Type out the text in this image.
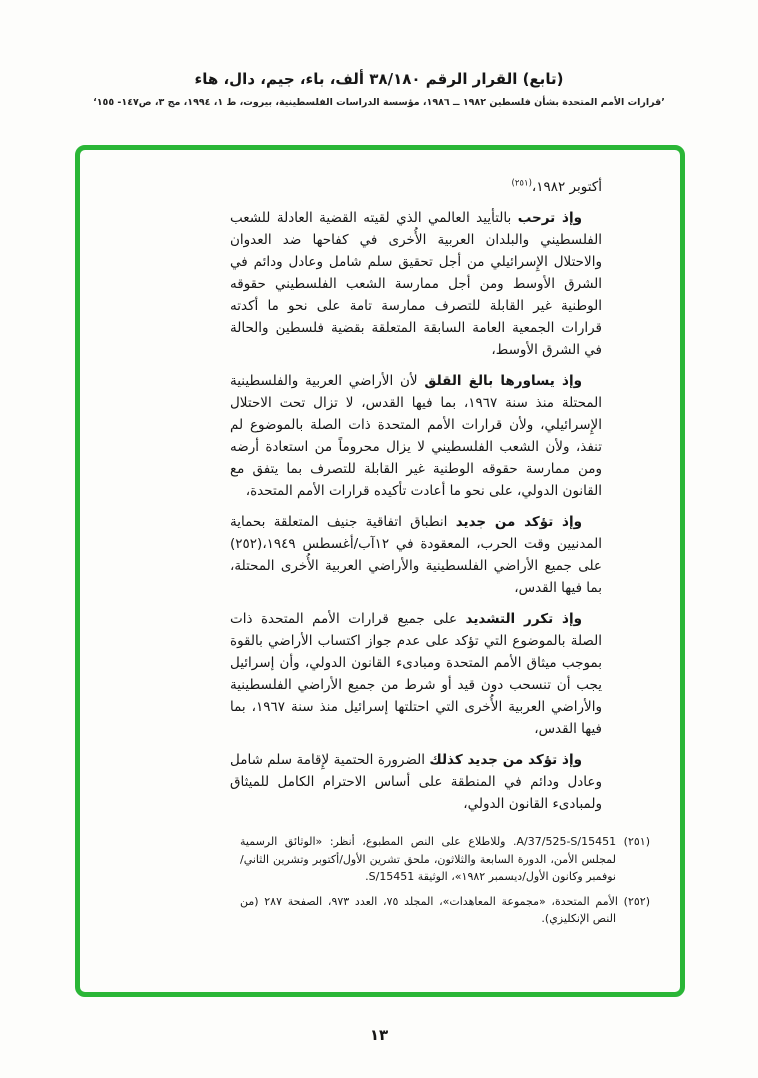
(تابع) القرار الرقم ٣٨/١٨٠ ألف، باء، جيم، دال، هاء
’قرارات الأمم المتحدة بشأن فلسطين ١٩٨٢ ــ ١٩٨٦، مؤسسة الدراسات الفلسطينية، بيروت، ط ١، ١٩٩٤، مج ٣، ص١٤٧- ١٥٥‘

أكتوبر ١٩٨٢،$^{(٢٥١)}$

وإذ ترحب بالتأييد العالمي الذي لقيته القضية العادلة للشعب الفلسطيني والبلدان العربية الأُخرى في كفاحها ضد العدوان والاحتلال الإِسرائيلي من أجل تحقيق سلم شامل وعادل ودائم في الشرق الأوسط ومن أجل ممارسة الشعب الفلسطيني حقوقه الوطنية غير القابلة للتصرف ممارسة تامة على نحو ما أكدته قرارات الجمعية العامة السابقة المتعلقة بقضية فلسطين والحالة في الشرق الأوسط،

وإذ يساورها بالغ القلق لأن الأراضي العربية والفلسطينية المحتلة منذ سنة ١٩٦٧، بما فيها القدس، لا تزال تحت الاحتلال الإِسرائيلي، ولأن قرارات الأمم المتحدة ذات الصلة بالموضوع لم تنفذ، ولأن الشعب الفلسطيني لا يزال محروماً من استعادة أرضه ومن ممارسة حقوقه الوطنية غير القابلة للتصرف بما يتفق مع القانون الدولي، على نحو ما أعادت تأكيده قرارات الأمم المتحدة،

وإذ تؤكد من جديد انطباق اتفاقية جنيف المتعلقة بحماية المدنيين وقت الحرب، المعقودة في ١٢آب/أغسطس ١٩٤٩،(٢٥٢) على جميع الأراضي الفلسطينية والأراضي العربية الأُخرى المحتلة، بما فيها القدس،

وإذ تكرر التشديد على جميع قرارات الأمم المتحدة ذات الصلة بالموضوع التي تؤكد على عدم جواز اكتساب الأراضي بالقوة بموجب ميثاق الأمم المتحدة ومبادىء القانون الدولي، وأن إسرائيل يجب أن تنسحب دون قيد أو شرط من جميع الأراضي الفلسطينية والأراضي العربية الأُخرى التي احتلتها إسرائيل منذ سنة ١٩٦٧، بما فيها القدس،

وإذ تؤكد من جديد كذلك الضرورة الحتمية لإِقامة سلم شامل وعادل ودائم في المنطقة على أساس الاحترام الكامل للميثاق ولمبادىء القانون الدولي،

(٢٥١) A/37/525-S/15451. وللاطلاع على النص المطبوع، أنظر: «الوثائق الرسمية لمجلس الأمن، الدورة السابعة والثلاثون، ملحق تشرين الأول/أكتوبر وتشرين الثاني/نوفمبر وكانون الأول/ديسمبر ١٩٨٢»، الوثيقة S/15451.

(٢٥٢) الأمم المتحدة، «مجموعة المعاهدات»، المجلد ٧٥، العدد ٩٧٣، الصفحة ٢٨٧ (من النص الإنكليزي).

١٣
